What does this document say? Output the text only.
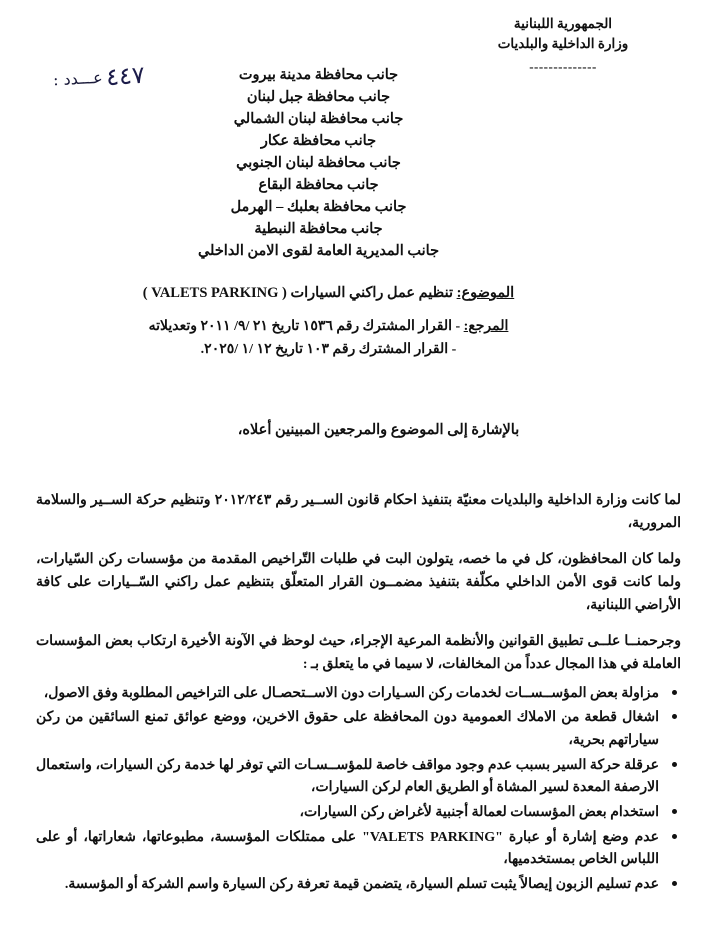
الجمهورية اللبنانية
وزارة الداخلية والبلديات
--------------
٤٤٧ عـــدد :	جانب محافظة مدينة بيروت
جانب محافظة جبل لبنان
جانب محافظة لبنان الشمالي
جانب محافظة عكار
جانب محافظة لبنان الجنوبي
جانب محافظة البقاع
جانب محافظة بعلبك – الهرمل
جانب محافظة النبطية
جانب المديرية العامة لقوى الامن الداخلي
الموضوع: تنظيم عمل راكني السيارات ( VALETS PARKING )
المرجع: - القرار المشترك رقم ١٥٣٦ تاريخ ٢١ /٩/ ٢٠١١ وتعديلاته
- القرار المشترك رقم ١٠٣ تاريخ ١٢ /١ /٢٠٢٥.
بالإشارة إلى الموضوع والمرجعين المبينين أعلاه،

لما كانت وزارة الداخلية والبلديات معنيّة بتنفيذ احكام قانون الســير رقم ٢٠١٢/٢٤٣ وتنظيم حركة الســير والسلامة المرورية،

ولما كان المحافظون، كل في ما خصه، يتولون البت في طلبات التّراخيص المقدمة من مؤسسات ركن السّيارات، ولما كانت قوى الأمن الداخلي مكلّفة بتنفيذ مضمــون القرار المتعلّق بتنظيم عمل راكني السّــيارات على كافة الأراضي اللبنانية،

وجرحمنــا علــى تطبيق القوانين والأنظمة المرعية الإجراء، حيث لوحظ في الآونة الأخيرة ارتكاب بعض المؤسسات العاملة في هذا المجال عدداً من المخالفات، لا سيما في ما يتعلق بـ :

مزاولة بعض المؤســســات لخدمات ركن السـيارات دون الاســتحصـال على التراخيص المطلوبة وفق الاصول،
اشغال قطعة من الاملاك العمومية دون المحافظة على حقوق الاخرين، ووضع عوائق تمنع السائقين من ركن سياراتهم بحرية،
عرقلة حركة السير بسبب عدم وجود مواقف خاصة للمؤســسـات التي توفر لها خدمة ركن السيارات، واستعمال الارصفة المعدة لسير المشاة أو الطريق العام لركن السيارات،
استخدام بعض المؤسسات لعمالة أجنبية لأغراض ركن السيارات،
عدم وضع إشارة أو عبارة "VALETS PARKING" على ممتلكات المؤسسة، مطبوعاتها، شعاراتها، أو على اللباس الخاص بمستخدميها،
عدم تسليم الزبون إيصالاً يثبت تسلم السيارة، يتضمن قيمة تعرفة ركن السيارة واسم الشركة أو المؤسسة.
